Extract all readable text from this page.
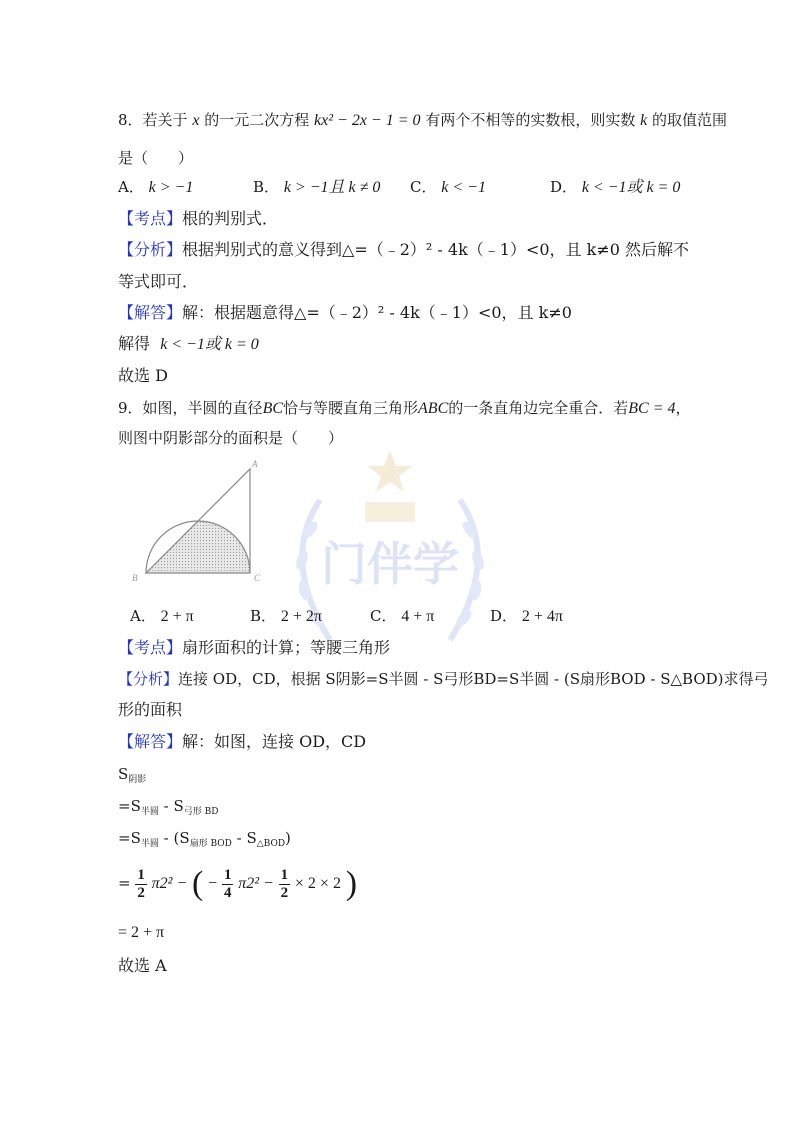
门伴学
8．若关于 x 的一元二次方程 kx² − 2x − 1 = 0 有两个不相等的实数根，则实数 k 的取值范围
是（　　）
A． k > −1	B． k > −1且 k ≠ 0 C． k < −1	D． k < −1或 k = 0
【考点】根的判别式．
【分析】根据判别式的意义得到△=（﹣2）² - 4k（﹣1）<0，且 k≠0 然后解不
等式即可．
【解答】解：根据题意得△=（﹣2）² - 4k（﹣1）<0，且 k≠0
解得 k < −1或 k = 0
故选 D
9．如图，半圆的直径BC恰与等腰直角三角形ABC的一条直角边完全重合．若BC = 4，
则图中阴影部分的面积是（　　）
A
B	C
A． 2 + π	B． 2 + 2π	C． 4 + π	D． 2 + 4π
【考点】扇形面积的计算；等腰三角形
【分析】连接 OD，CD，根据 S阴影=S半圆 - S弓形BD=S半圆 - (S扇形BOD - S△BOD)求得弓
形的面积
【解答】解：如图，连接 OD，CD
$S_{阴影}$
$=S_{半圆} - S_{弓形 BD}$
$=S_{半圆} - (S_{扇形 BOD} - S_{\triangle BOD})$
= $\frac{1}{2} \pi 2^2$ − ( − $\frac{1}{4} \pi 2^2 - \frac{1}{2} \times 2 \times 2$ )
= 2 + π
故选 A
